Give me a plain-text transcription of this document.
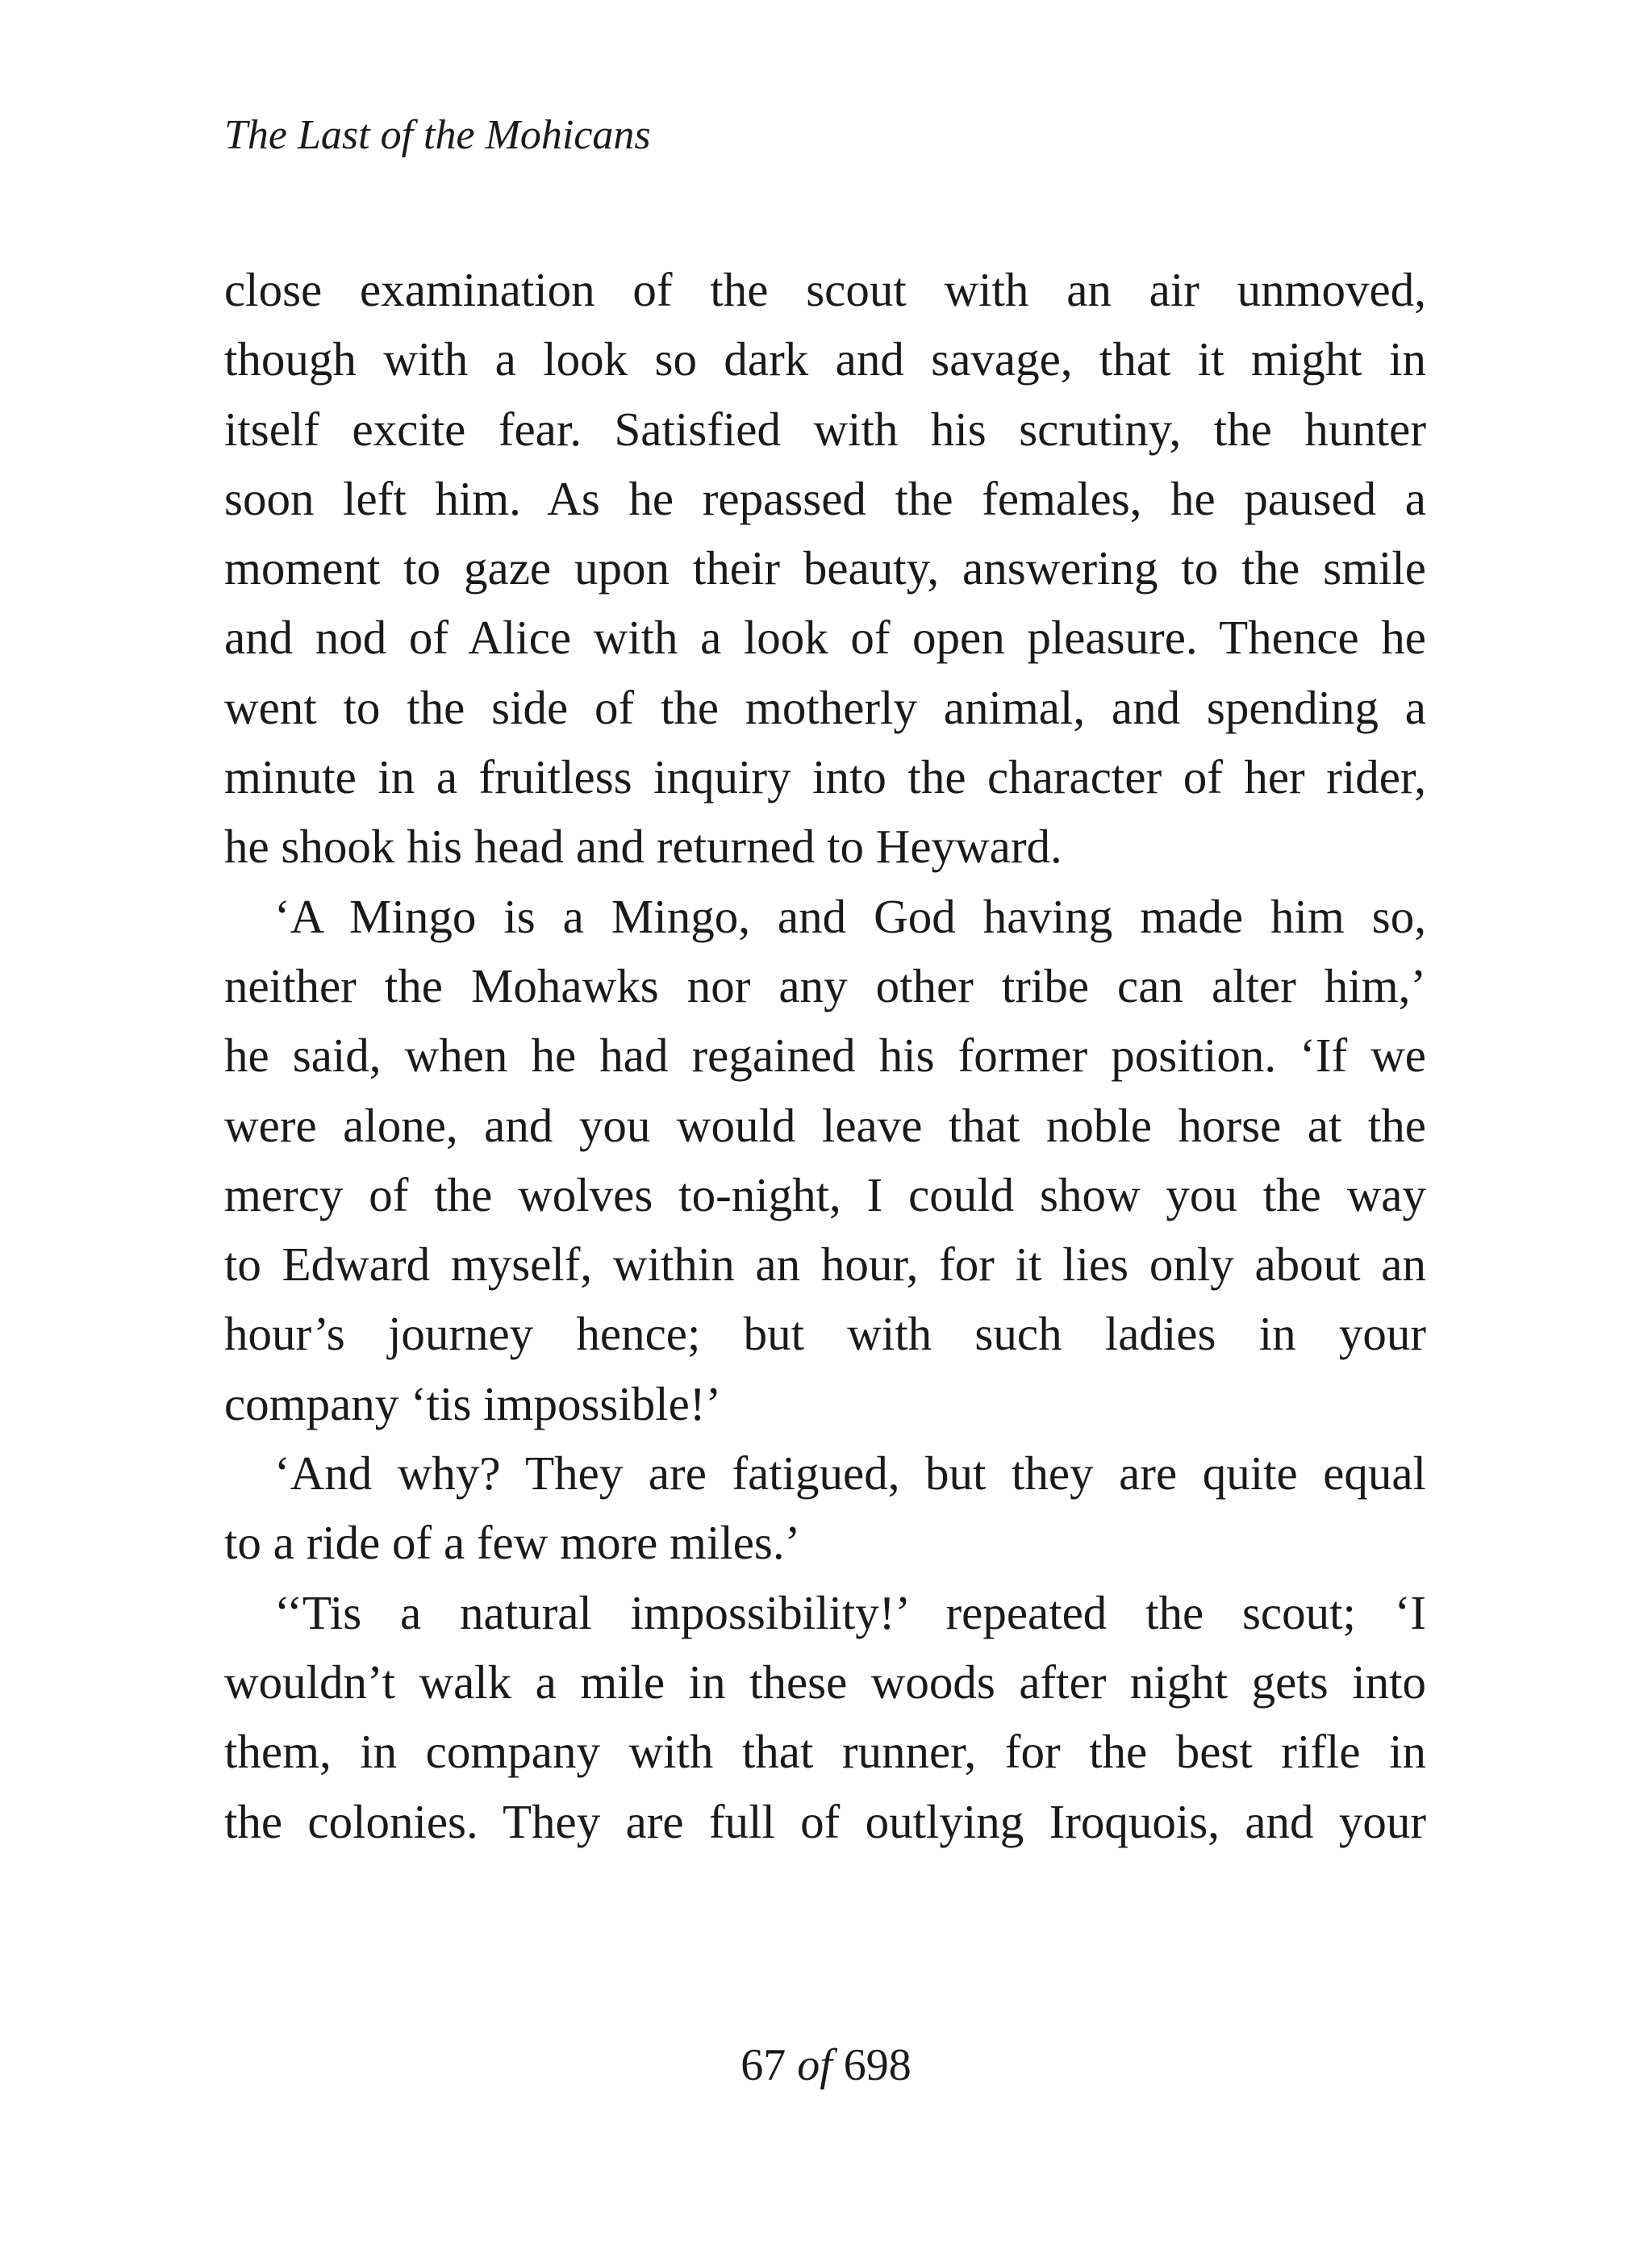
The Last of the Mohicans
close examination of the scout with an air unmoved,
though with a look so dark and savage, that it might in
itself excite fear. Satisfied with his scrutiny, the hunter
soon left him. As he repassed the females, he paused a
moment to gaze upon their beauty, answering to the smile
and nod of Alice with a look of open pleasure. Thence he
went to the side of the motherly animal, and spending a
minute in a fruitless inquiry into the character of her rider,
he shook his head and returned to Heyward.
‘A Mingo is a Mingo, and God having made him so,
neither the Mohawks nor any other tribe can alter him,’
he said, when he had regained his former position. ‘If we
were alone, and you would leave that noble horse at the
mercy of the wolves to-night, I could show you the way
to Edward myself, within an hour, for it lies only about an
hour’s journey hence; but with such ladies in your
company ‘tis impossible!’
‘And why? They are fatigued, but they are quite equal
to a ride of a few more miles.’
‘‘Tis a natural impossibility!’ repeated the scout; ‘I
wouldn’t walk a mile in these woods after night gets into
them, in company with that runner, for the best rifle in
the colonies. They are full of outlying Iroquois, and your
67 of 698
